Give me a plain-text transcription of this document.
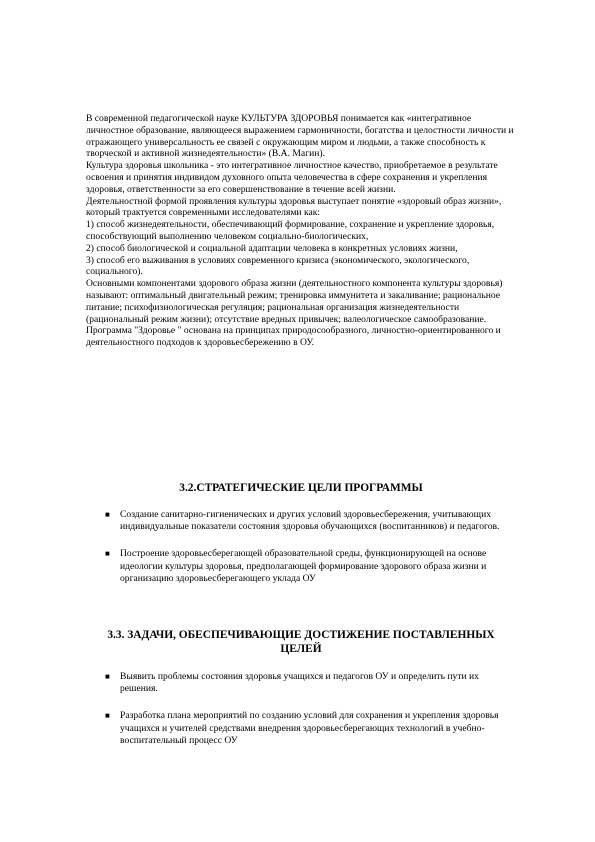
В современной педагогической науке КУЛЬТУРА ЗДОРОВЬЯ понимается как «интегративное личностное образование, являющееся выражением гармоничности, богатства и целостности личности и отражающего универсальность ее связей с окружающим миром и людьми, а также способность к творческой и активной жизнедеятельности» (В.А. Магин).

Культура здоровья школьника - это интегративное личностное качество, приобретаемое в результате освоения и принятия индивидом духовного опыта человечества в сфере сохранения и укрепления здоровья, ответственности за его совершенствование в течение всей жизни.

Деятельностной формой проявления культуры здоровья выступает понятие «здоровый образ жизни», который трактуется современными исследователями как:

1) способ жизнедеятельности, обеспечивающий формирование, сохранение и укрепление здоровья, способствующий выполнению человеком социально-биологических,

2) способ биологической и социальной адаптации человека в конкретных условиях жизни,

3) способ его выживания в условиях современного кризиса (экономического, экологического, социального).

Основными компонентами здорового образа жизни (деятельностного компонента культуры здоровья) называют: оптимальный двигательный режим; тренировка иммунитета и закаливание; рациональное питание; психофизиологическая регуляция; рациональная организация жизнедеятельности (рациональный режим жизни); отсутствие вредных привычек; валеологическое самообразование.

Программа "Здоровье " основана на принципах природосообразного, личностно-ориентированного и деятельностного подходов к здоровьесбережению в ОУ.

3.2.СТРАТЕГИЧЕСКИЕ ЦЕЛИ ПРОГРАММЫ
■ Создание санитарно-гигиенических и других условий здоровьесбережения, учитывающих индивидуальные показатели состояния здоровья обучающихся (воспитанников) и педагогов.
■ Построение здоровьесберегающей образовательной среды, функционирующей на основе идеологии культуры здоровья, предполагающей формирование здорового образа жизни и организацию здоровьесберегающего уклада ОУ
3.3. ЗАДАЧИ, ОБЕСПЕЧИВАЮЩИЕ ДОСТИЖЕНИЕ ПОСТАВЛЕННЫХ ЦЕЛЕЙ
■ Выявить проблемы состояния здоровья учащихся и педагогов ОУ и определить пути их решения.
■ Разработка плана мероприятий по созданию условий для сохранения и укрепления здоровья учащихся и учителей средствами внедрения здоровьесберегающих технологий в учебно-воспитательный процесс ОУ
